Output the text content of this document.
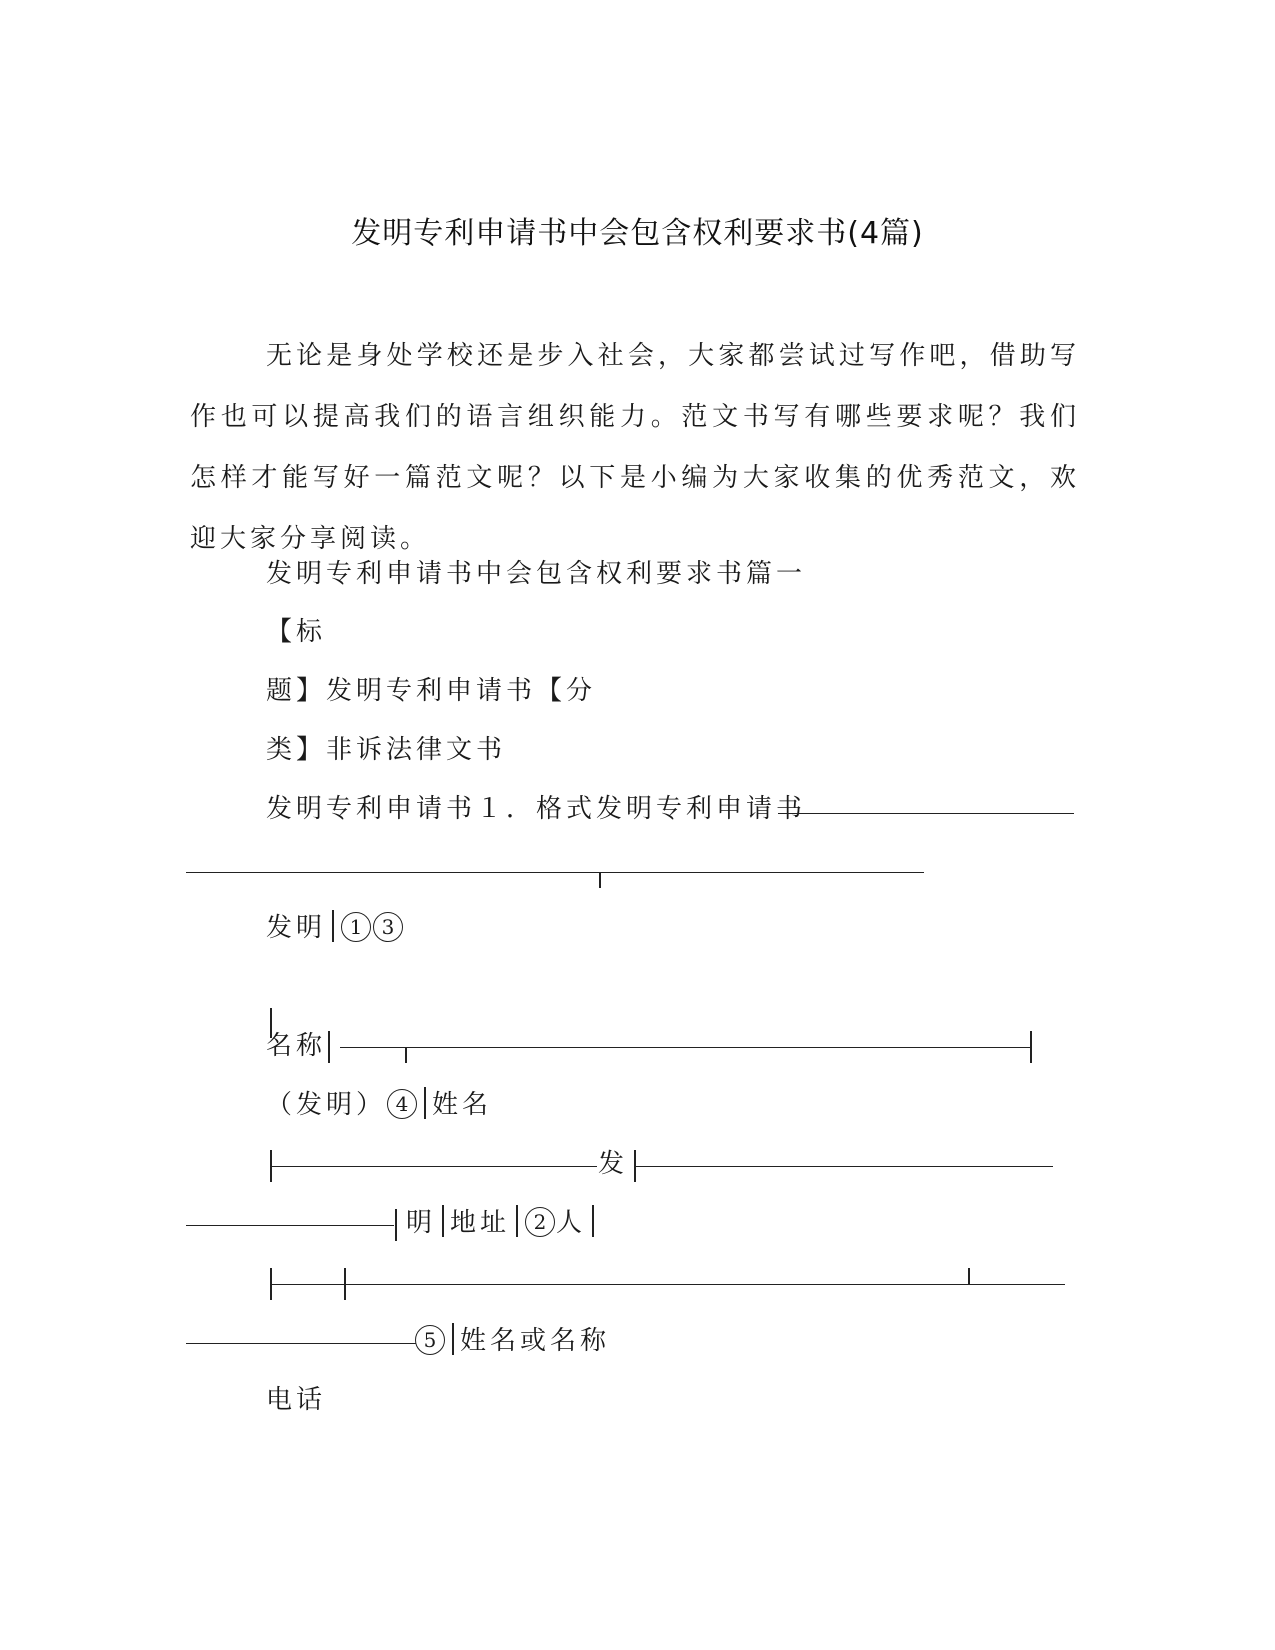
发明专利申请书中会包含权利要求书(4篇)

无论是身处学校还是步入社会，大家都尝试过写作吧，借助写作也可以提高我们的语言组织能力。范文书写有哪些要求呢？我们怎样才能写好一篇范文呢？以下是小编为大家收集的优秀范文，欢迎大家分享阅读。

发明专利申请书中会包含权利要求书篇一
【标
题】发明专利申请书【分
类】非诉法律文书
发明专利申请书１．格式发明专利申请书
发明 1 3
名称
（发明） 4 姓名
发
明 地址 2 人
5 姓名或名称
电话
